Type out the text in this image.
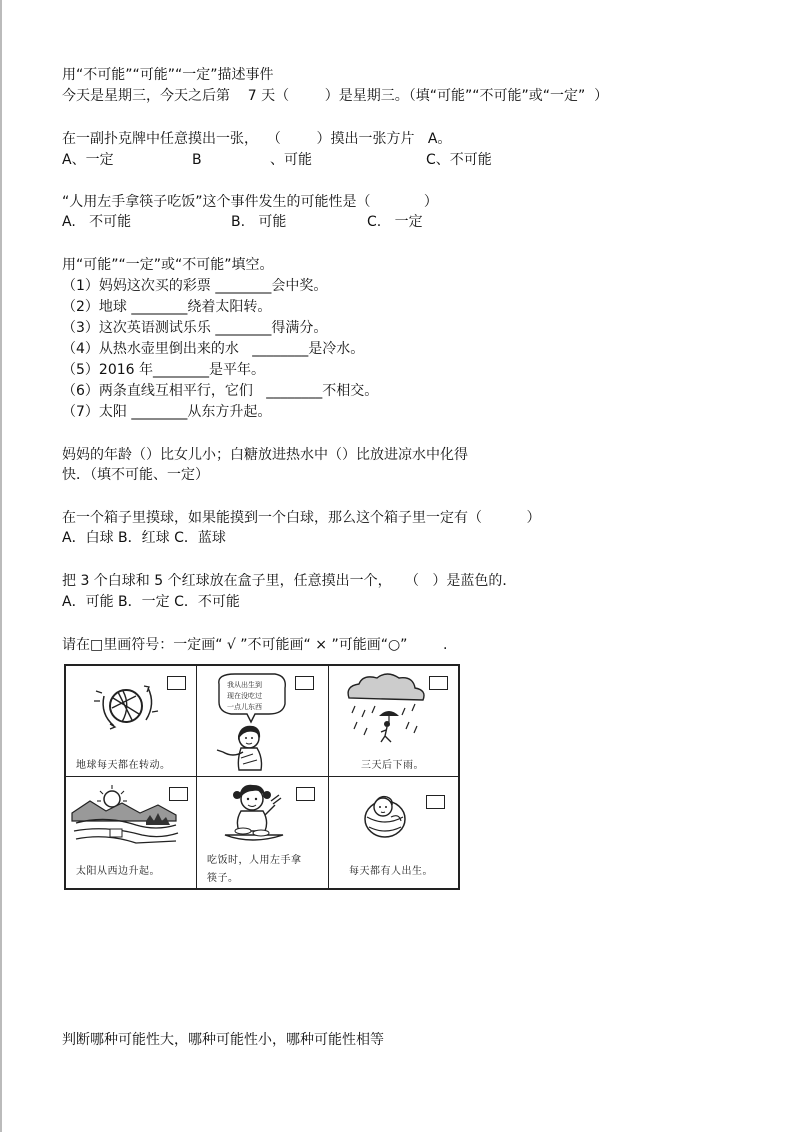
用“不可能”“可能”“一定”描述事件
今天是星期三，今天之后第    7 天（        ）是星期三。（填“可能”“不可能”或“一定”  ）
在一副扑克牌中任意摸出一张，  （        ）摸出一张方片   A。
A、一定	B	、可能	C、不可能
“人用左手拿筷子吃饭”这个事件发生的可能性是（            ）
A.   不可能	B.   可能	C.   一定
用“可能”“一定”或“不可能”填空。
（1）妈妈这次买的彩票 ________会中奖。
（2）地球 ________绕着太阳转。
（3）这次英语测试乐乐 ________得满分。
（4）从热水壶里倒出来的水   ________是冷水。
（5）2016 年________是平年。
（6）两条直线互相平行，它们   ________不相交。
（7）太阳 ________从东方升起。
妈妈的年龄（）比女儿小；白糖放进热水中（）比放进凉水中化得
快．（填不可能、一定）
在一个箱子里摸球，如果能摸到一个白球，那么这个箱子里一定有（          ）
A．白球 B．红球 C．蓝球
把 3 个白球和 5 个红球放在盒子里，任意摸出一个，   （   ）是蓝色的．
A．可能 B．一定 C．不可能
请在□里画符号：一定画“ √ ”不可能画“ × ”可能画“○”        .
地球每天都在转动。
我从出生到
现在没吃过
一点儿东西
三天后下雨。
太阳从西边升起。
吃饭时，人用左手拿
筷子。
每天都有人出生。
判断哪种可能性大，哪种可能性小，哪种可能性相等
